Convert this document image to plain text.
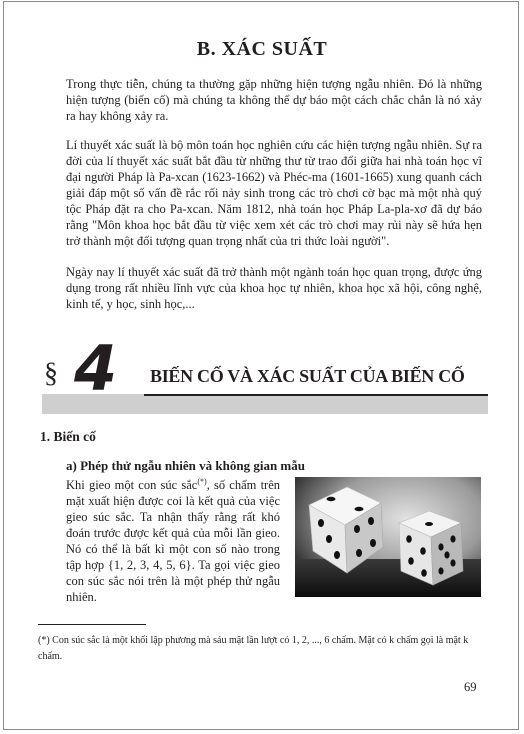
B. XÁC SUẤT

Trong thực tiễn, chúng ta thường gặp những hiện tượng ngẫu nhiên. Đó là những hiện tượng (biến cố) mà chúng ta không thể dự báo một cách chắc chắn là nó xảy ra hay không xảy ra.

Lí thuyết xác suất là bộ môn toán học nghiên cứu các hiện tượng ngẫu nhiên. Sự ra đời của lí thuyết xác suất bắt đầu từ những thư từ trao đổi giữa hai nhà toán học vĩ đại người Pháp là Pa-xcan (1623-1662) và Phéc-ma (1601-1665) xung quanh cách giải đáp một số vấn đề rắc rối nảy sinh trong các trò chơi cờ bạc mà một nhà quý tộc Pháp đặt ra cho Pa-xcan. Năm 1812, nhà toán học Pháp La-pla-xơ đã dự báo rằng "Môn khoa học bắt đầu từ việc xem xét các trò chơi may rủi này sẽ hứa hẹn trở thành một đối tượng quan trọng nhất của tri thức loài người".

Ngày nay lí thuyết xác suất đã trở thành một ngành toán học quan trọng, được ứng dụng trong rất nhiều lĩnh vực của khoa học tự nhiên, khoa học xã hội, công nghệ, kinh tế, y học, sinh học,...

§ 4 BIẾN CỐ VÀ XÁC SUẤT CỦA BIẾN CỐ
1. Biến cố
a) Phép thử ngẫu nhiên và không gian mẫu

Khi gieo một con súc sắc(*), số chấm trên mặt xuất hiện được coi là kết quả của việc gieo súc sắc. Ta nhận thấy rằng rất khó đoán trước được kết quả của mỗi lần gieo. Nó có thể là bất kì một con số nào trong tập hợp {1, 2, 3, 4, 5, 6}. Ta gọi việc gieo con súc sắc nói trên là một phép thử ngẫu nhiên.

(*) Con súc sắc là một khối lập phương mà sáu mặt lần lượt có 1, 2, ..., 6 chấm. Mặt có k chấm gọi là mặt k chấm.

69
